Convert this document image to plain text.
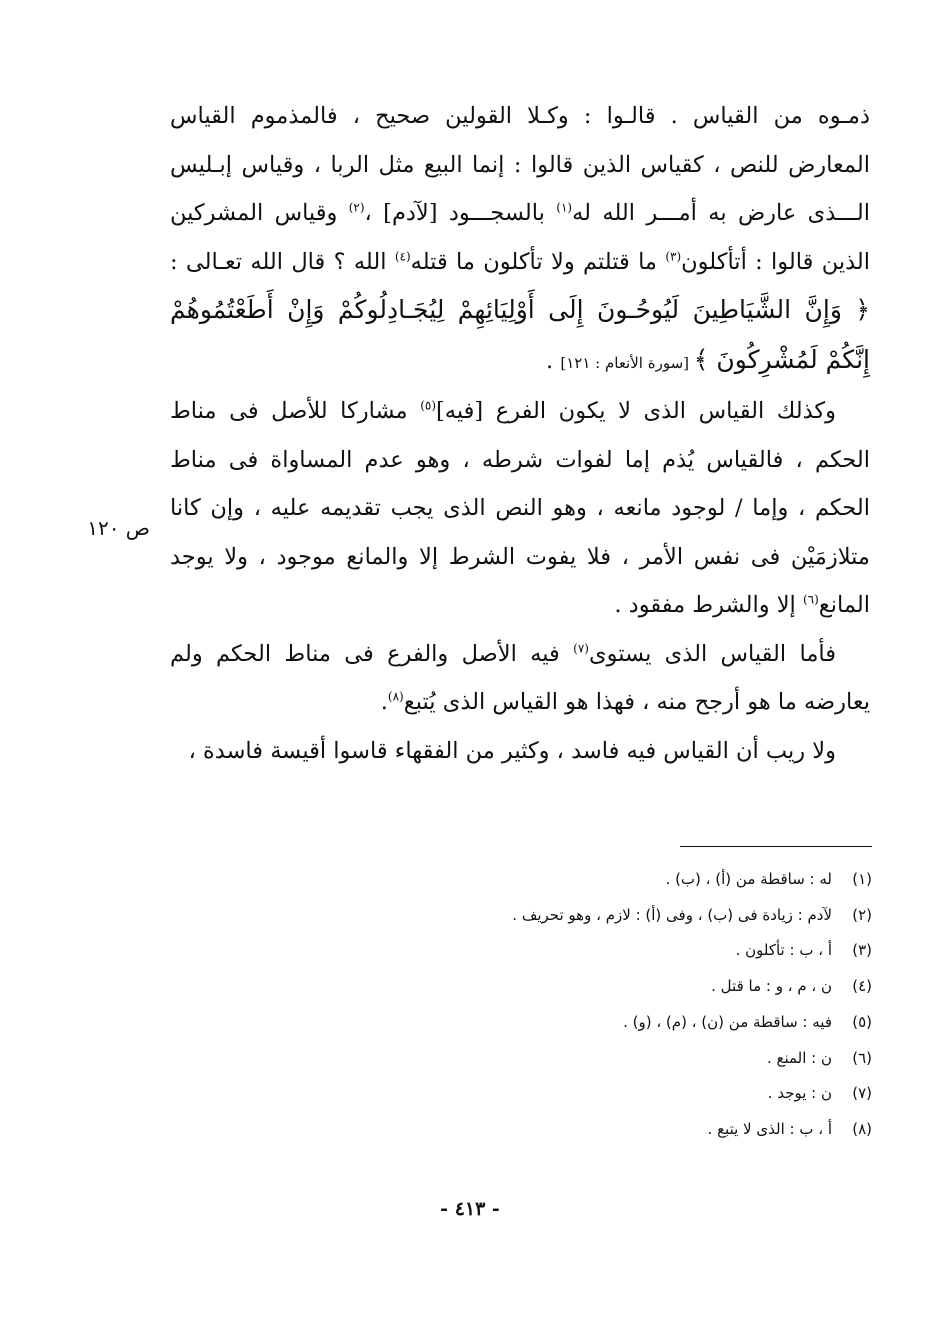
ذمـوه من القياس . قالـوا : وكـلا القولين صحيح ، فالمذموم القياس المعارض للنص ، كقياس الذين قالوا : إنما البيع مثل الربا ، وقياس إبـليس الـــذى عارض به أمـــر الله له$^{(١)}$ بالسجـــود [لآدم] ،$^{(٢)}$ وقياس المشركين الذين قالوا : أتأكلون$^{(٣)}$ ما قتلتم ولا تأكلون ما قتله$^{(٤)}$ الله ؟ قال الله تعـالى : ﴿ وَإِنَّ الشَّيَاطِينَ لَيُوحُـونَ إِلَى أَوْلِيَائِهِمْ لِيُجَـادِلُوكُمْ وَإِنْ أَطَعْتُمُوهُمْ إِنَّكُمْ لَمُشْرِكُونَ ﴾ [سورة الأنعام : ١٢١] .

وكذلك القياس الذى لا يكون الفرع [فيه]$^{(٥)}$ مشاركا للأصل فى مناط الحكم ، فالقياس يُذم إما لفوات شرطه ، وهو عدم المساواة فى مناط الحكم ، وإما / لوجود مانعه ، وهو النص الذى يجب تقديمه عليه ، وإن كانا متلازمَيْن فى نفس الأمر ، فلا يفوت الشرط إلا والمانع موجود ، ولا يوجد المانع$^{(٦)}$ إلا والشرط مفقود .

فأما القياس الذى يستوى$^{(٧)}$ فيه الأصل والفرع فى مناط الحكم ولم يعارضه ما هو أرجح منه ، فهذا هو القياس الذى يُتبع$^{(٨)}$.

ولا ريب أن القياس فيه فاسد ، وكثير من الفقهاء قاسوا أقيسة فاسدة ،

ص ١٢٠
(١)له : ساقطة من (أ) ، (ب) .
(٢)لآدم : زيادة فى (ب) ، وفى (أ) : لازم ، وهو تحريف .
(٣)أ ، ب : تأكلون .
(٤)ن ، م ، و : ما قتل .
(٥)فيه : ساقطة من (ن) ، (م) ، (و) .
(٦)ن : المنع .
(٧)ن : يوجد .
(٨)أ ، ب : الذى لا يتبع .
- ٤١٣ -
